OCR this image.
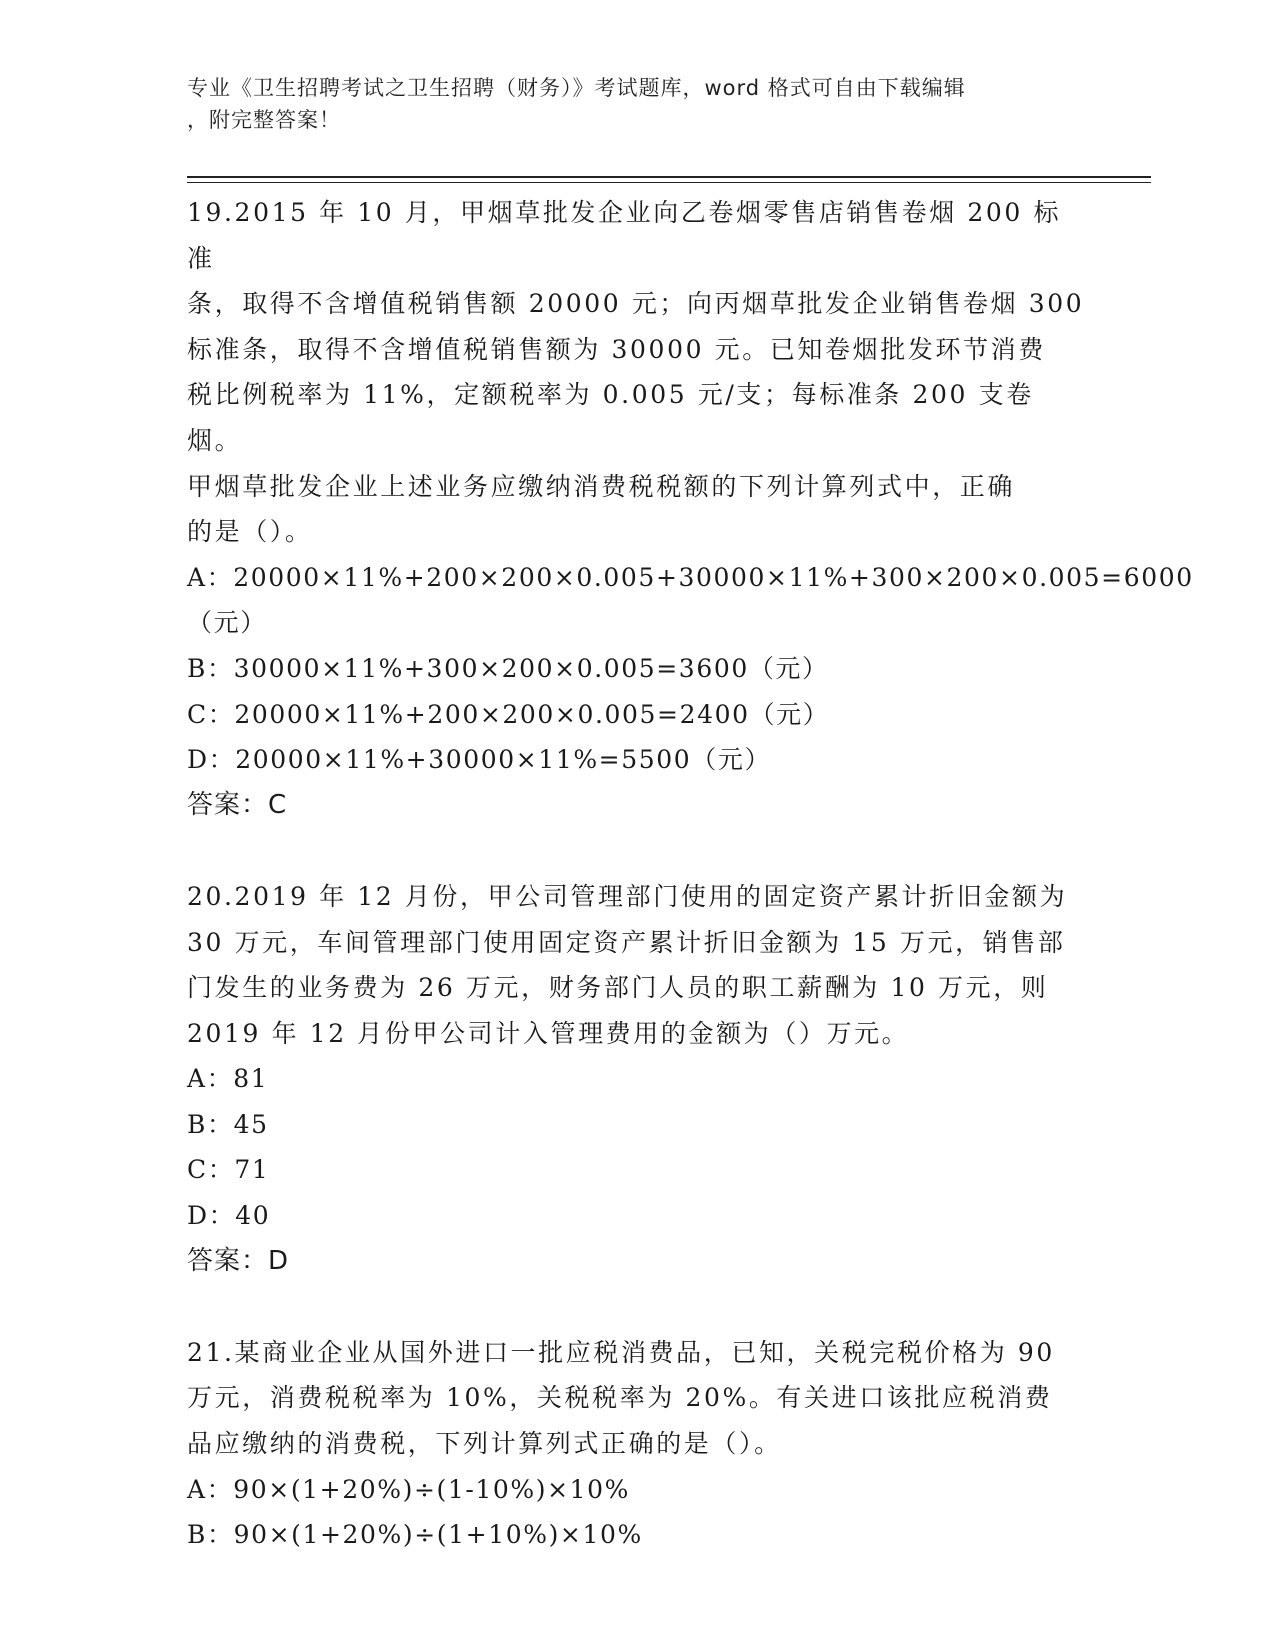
专业《卫生招聘考试之卫生招聘（财务）》考试题库，word 格式可自由下载编辑
，附完整答案！
19.2015 年 10 月，甲烟草批发企业向乙卷烟零售店销售卷烟 200 标准
条，取得不含增值税销售额 20000 元；向丙烟草批发企业销售卷烟 300
标准条，取得不含增值税销售额为 30000 元。已知卷烟批发环节消费
税比例税率为 11%，定额税率为 0.005 元/支；每标准条 200 支卷烟。
甲烟草批发企业上述业务应缴纳消费税税额的下列计算列式中，正确
的是（）。
A：20000×11%+200×200×0.005+30000×11%+300×200×0.005=6000
（元）
B：30000×11%+300×200×0.005=3600（元）
C：20000×11%+200×200×0.005=2400（元）
D：20000×11%+30000×11%=5500（元）
答案：C
20.2019 年 12 月份，甲公司管理部门使用的固定资产累计折旧金额为
30 万元，车间管理部门使用固定资产累计折旧金额为 15 万元，销售部
门发生的业务费为 26 万元，财务部门人员的职工薪酬为 10 万元，则
2019 年 12 月份甲公司计入管理费用的金额为（）万元。
A：81
B：45
C：71
D：40
答案：D
21.某商业企业从国外进口一批应税消费品，已知，关税完税价格为 90
万元，消费税税率为 10%，关税税率为 20%。有关进口该批应税消费
品应缴纳的消费税，下列计算列式正确的是（）。
A：90×(1+20%)÷(1-10%)×10%
B：90×(1+20%)÷(1+10%)×10%
